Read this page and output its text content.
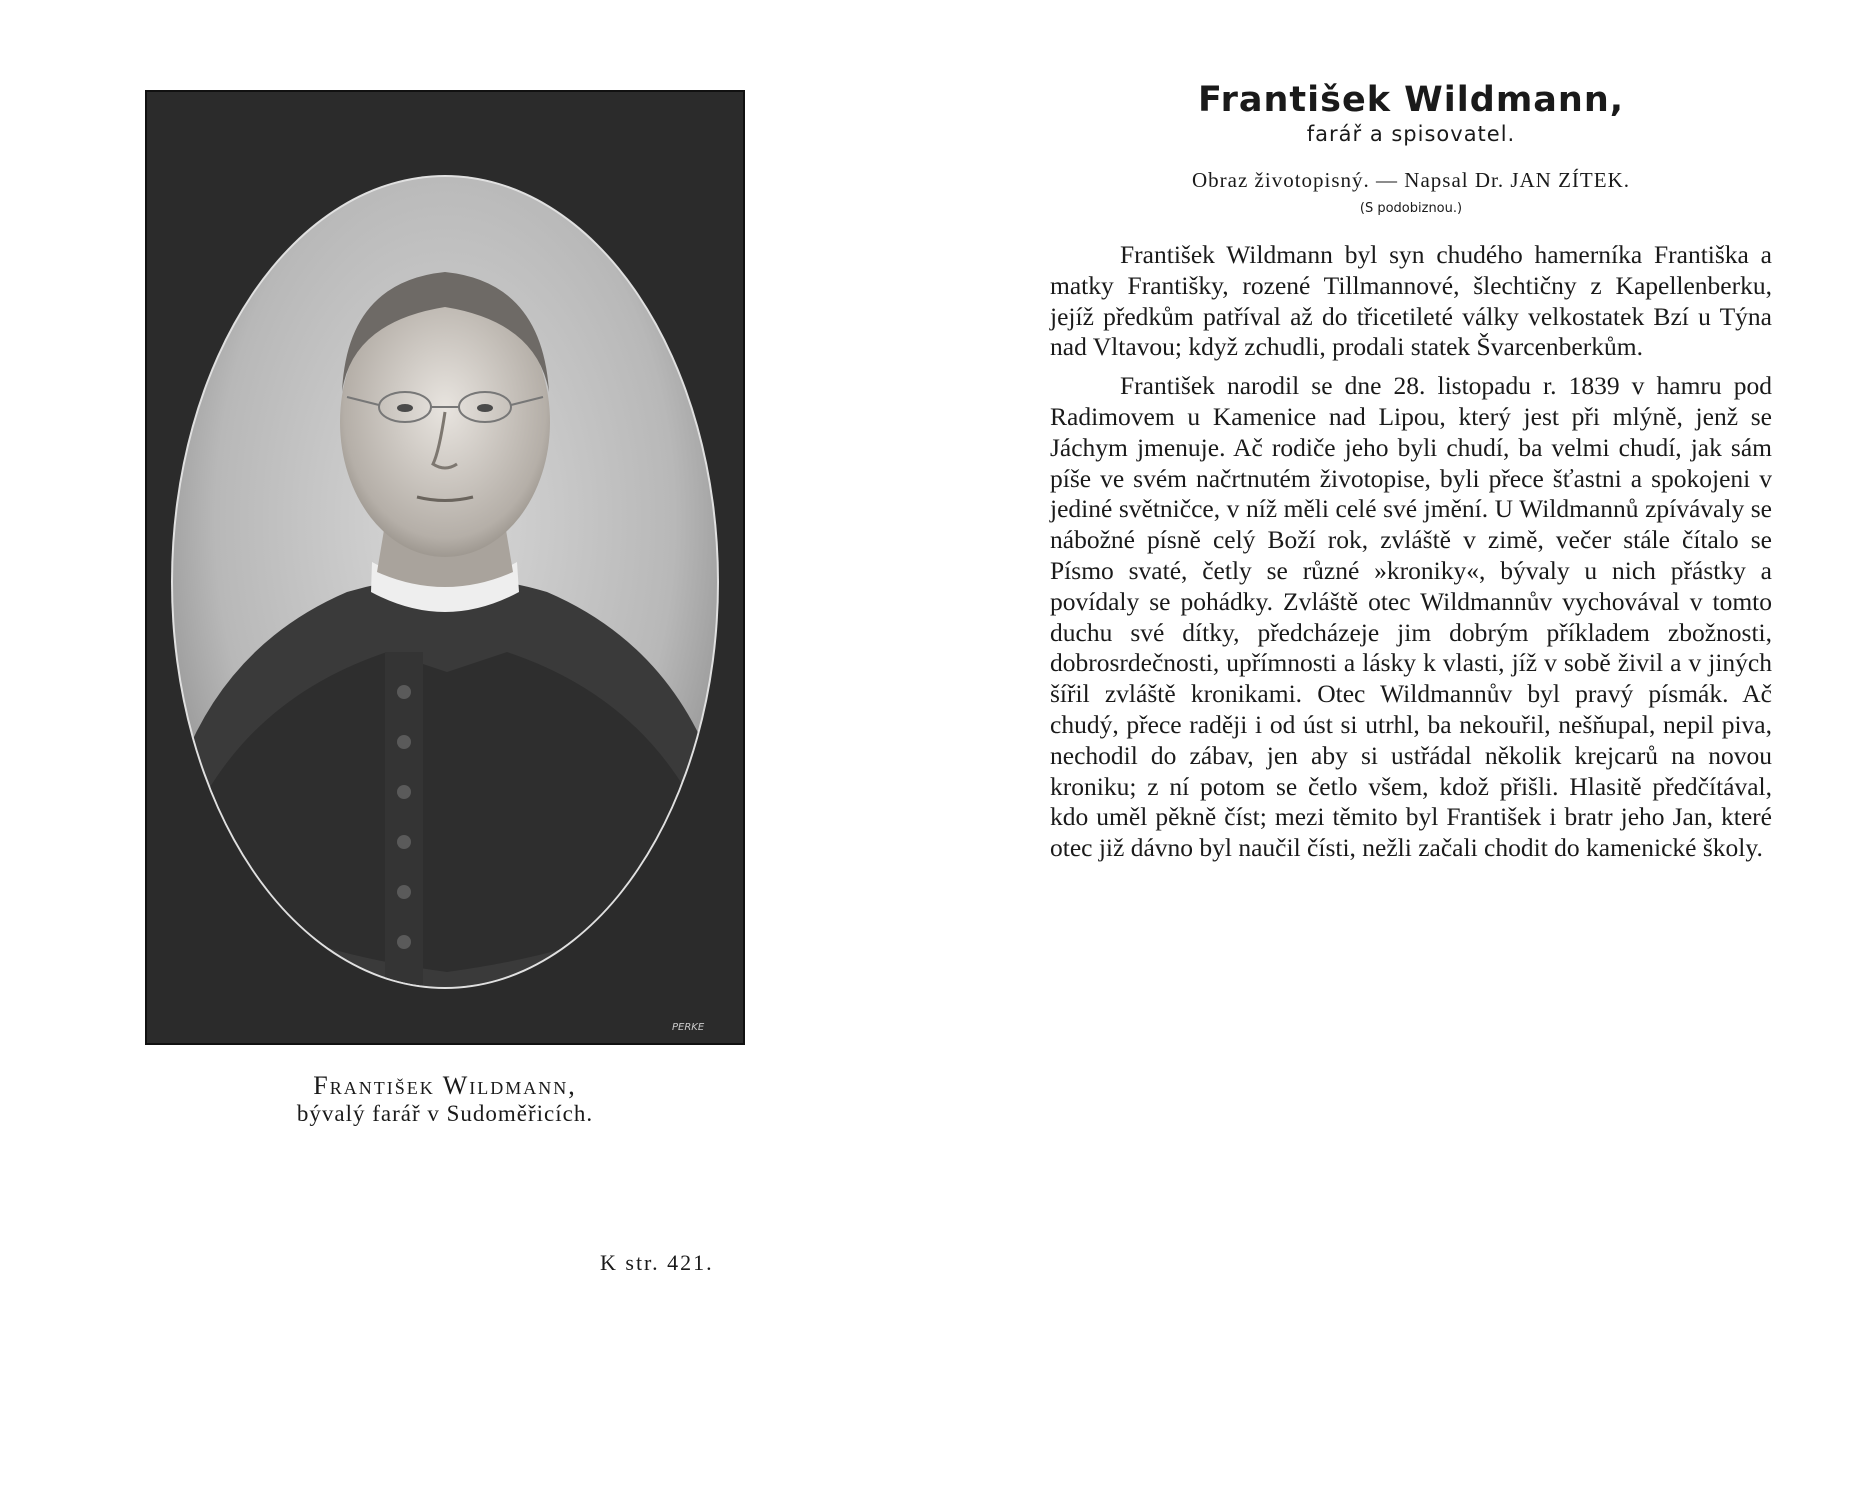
PERKE
František Wildmann,
bývalý farář v Sudoměřicích.
K str. 421.
František Wildmann,
farář a spisovatel.
Obraz životopisný. — Napsal Dr. JAN ZÍTEK.
(S podobiznou.)

František Wildmann byl syn chudého hamerníka Františka a matky Františky, rozené Tillmannové, šlechtičny z Kapellenberku, jejíž předkům patříval až do třicetileté války velkostatek Bzí u Týna nad Vltavou; když zchudli, prodali statek Švarcenberkům.

František narodil se dne 28. listopadu r. 1839 v hamru pod Radimovem u Kamenice nad Lipou, který jest při mlýně, jenž se Jáchym jmenuje. Ač rodiče jeho byli chudí, ba velmi chudí, jak sám píše ve svém načrtnutém životopise, byli přece šťastni a spokojeni v jediné světničce, v níž měli celé své jmění. U Wildmannů zpívávaly se nábožné písně celý Boží rok, zvláště v zimě, večer stále čítalo se Písmo svaté, četly se různé »kroniky«, bývaly u nich přástky a povídaly se pohádky. Zvláště otec Wildmannův vychovával v tomto duchu své dítky, předcházeje jim dobrým příkladem zbožnosti, dobrosrdečnosti, upřímnosti a lásky k vlasti, jíž v sobě živil a v jiných šířil zvláště kronikami. Otec Wildmannův byl pravý písmák. Ač chudý, přece raději i od úst si utrhl, ba nekouřil, nešňupal, nepil piva, nechodil do zábav, jen aby si ustřádal několik krejcarů na novou kroniku; z ní potom se četlo všem, kdož přišli. Hlasitě předčítával, kdo uměl pěkně číst; mezi těmito byl František i bratr jeho Jan, které otec již dávno byl naučil čísti, nežli začali chodit do kamenické školy.
